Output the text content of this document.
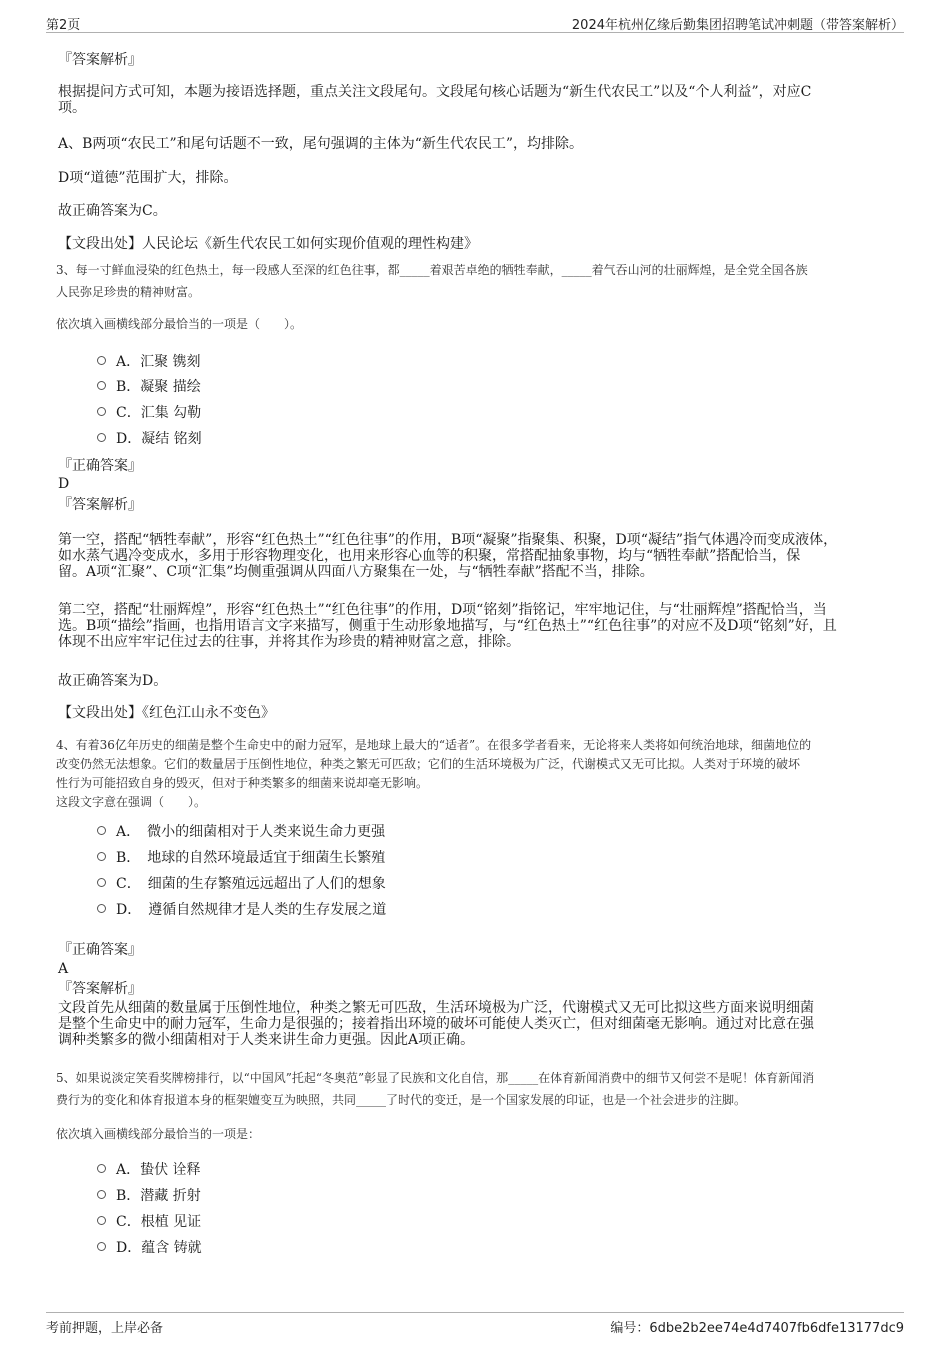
第2页	2024年杭州亿缘后勤集团招聘笔试冲刺题（带答案解析）
『答案解析』
根据提问方式可知，本题为接语选择题，重点关注文段尾句。文段尾句核心话题为“新生代农民工”以及“个人利益”，对应C
项。
A、B两项“农民工”和尾句话题不一致，尾句强调的主体为“新生代农民工”，均排除。
D项“道德”范围扩大，排除。
故正确答案为C。
【文段出处】人民论坛《新生代农民工如何实现价值观的理性构建》
3、每一寸鲜血浸染的红色热土，每一段感人至深的红色往事，都_____着艰苦卓绝的牺牲奉献，_____着气吞山河的壮丽辉煌，是全党全国各族
人民弥足珍贵的精神财富。
依次填入画横线部分最恰当的一项是（　　）。
A．汇聚 镌刻
B．凝聚 描绘
C．汇集 勾勒
D．凝结 铭刻
『正确答案』
D
『答案解析』
第一空，搭配“牺牲奉献”，形容“红色热土”“红色往事”的作用，B项“凝聚”指聚集、积聚，D项“凝结”指气体遇冷而变成液体，
如水蒸气遇冷变成水，多用于形容物理变化，也用来形容心血等的积聚，常搭配抽象事物，均与“牺牲奉献”搭配恰当，保
留。A项“汇聚”、C项“汇集”均侧重强调从四面八方聚集在一处，与“牺牲奉献”搭配不当，排除。
第二空，搭配“壮丽辉煌”，形容“红色热土”“红色往事”的作用，D项“铭刻”指铭记，牢牢地记住，与“壮丽辉煌”搭配恰当，当
选。B项“描绘”指画，也指用语言文字来描写，侧重于生动形象地描写，与“红色热土”“红色往事”的对应不及D项“铭刻”好，且
体现不出应牢牢记住过去的往事，并将其作为珍贵的精神财富之意，排除。
故正确答案为D。
【文段出处】《红色江山永不变色》
4、有着36亿年历史的细菌是整个生命史中的耐力冠军，是地球上最大的“适者”。在很多学者看来，无论将来人类将如何统治地球，细菌地位的
改变仍然无法想象。它们的数量居于压倒性地位，种类之繁无可匹敌；它们的生活环境极为广泛，代谢模式又无可比拟。人类对于环境的破坏
性行为可能招致自身的毁灭，但对于种类繁多的细菌来说却毫无影响。
这段文字意在强调（　　）。
A．　微小的细菌相对于人类来说生命力更强
B．　地球的自然环境最适宜于细菌生长繁殖
C．　细菌的生存繁殖远远超出了人们的想象
D．　遵循自然规律才是人类的生存发展之道
『正确答案』
A
『答案解析』
文段首先从细菌的数量属于压倒性地位，种类之繁无可匹敌，生活环境极为广泛，代谢模式又无可比拟这些方面来说明细菌
是整个生命史中的耐力冠军，生命力是很强的；接着指出环境的破坏可能使人类灭亡，但对细菌毫无影响。通过对比意在强
调种类繁多的微小细菌相对于人类来讲生命力更强。因此A项正确。
5、如果说淡定笑看奖牌榜排行，以“中国风”托起“冬奥范”彰显了民族和文化自信，那_____在体育新闻消费中的细节又何尝不是呢！体育新闻消
费行为的变化和体育报道本身的框架嬗变互为映照，共同_____了时代的变迁，是一个国家发展的印证，也是一个社会进步的注脚。
依次填入画横线部分最恰当的一项是：
A．蛰伏 诠释
B．潜藏 折射
C．根植 见证
D．蕴含 铸就
考前押题，上岸必备	编号：6dbe2b2ee74e4d7407fb6dfe13177dc9
